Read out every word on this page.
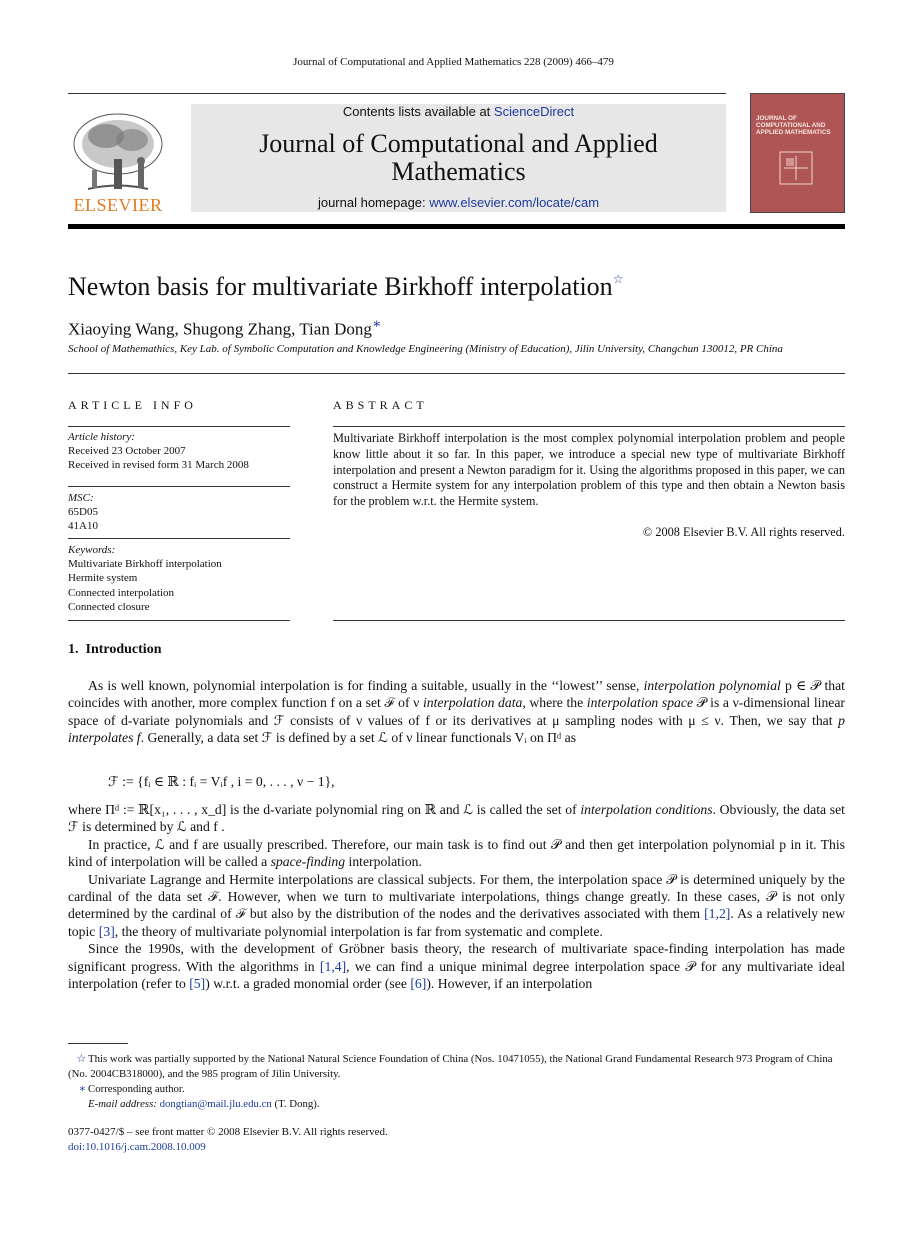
Journal of Computational and Applied Mathematics 228 (2009) 466–479
ELSEVIER
Contents lists available at ScienceDirect
Journal of Computational and Applied Mathematics
journal homepage: www.elsevier.com/locate/cam
JOURNAL OF COMPUTATIONAL AND APPLIED MATHEMATICS
Newton basis for multivariate Birkhoff interpolation☆
Xiaoying Wang, Shugong Zhang, Tian Dong∗
School of Mathemathics, Key Lab. of Symbolic Computation and Knowledge Engineering (Ministry of Education), Jilin University, Changchun 130012, PR China
ARTICLE INFO
Article history:
Received 23 October 2007
Received in revised form 31 March 2008
MSC:
65D05
41A10
Keywords:
Multivariate Birkhoff interpolation
Hermite system
Connected interpolation
Connected closure
ABSTRACT
Multivariate Birkhoff interpolation is the most complex polynomial interpolation problem and people know little about it so far. In this paper, we introduce a special new type of multivariate Birkhoff interpolation and present a Newton paradigm for it. Using the algorithms proposed in this paper, we can construct a Hermite system for any interpolation problem of this type and then obtain a Newton basis for the problem w.r.t. the Hermite system.
© 2008 Elsevier B.V. All rights reserved.
1. Introduction

As is well known, polynomial interpolation is for finding a suitable, usually in the ‘‘lowest’’ sense, interpolation polynomial p ∈ 𝒫 that coincides with another, more complex function f on a set ℱ of ν interpolation data, where the interpolation space 𝒫 is a ν-dimensional linear space of d-variate polynomials and ℱ consists of ν values of f or its derivatives at μ sampling nodes with μ ≤ ν. Then, we say that p interpolates f. Generally, a data set ℱ is defined by a set ℒ of ν linear functionals Vᵢ on Πᵈ as

ℱ := {fᵢ ∈ ℝ : fᵢ = Vᵢf , i = 0, . . . , ν − 1},

where Πᵈ := ℝ[x₁, . . . , x_d] is the d-variate polynomial ring on ℝ and ℒ is called the set of interpolation conditions. Obviously, the data set ℱ is determined by ℒ and f .

In practice, ℒ and f are usually prescribed. Therefore, our main task is to find out 𝒫 and then get interpolation polynomial p in it. This kind of interpolation will be called a space-finding interpolation.

Univariate Lagrange and Hermite interpolations are classical subjects. For them, the interpolation space 𝒫 is determined uniquely by the cardinal of the data set ℱ. However, when we turn to multivariate interpolations, things change greatly. In these cases, 𝒫 is not only determined by the cardinal of ℱ but also by the distribution of the nodes and the derivatives associated with them [1,2]. As a relatively new topic [3], the theory of multivariate polynomial interpolation is far from systematic and complete.

Since the 1990s, with the development of Gröbner basis theory, the research of multivariate space-finding interpolation has made significant progress. With the algorithms in [1,4], we can find a unique minimal degree interpolation space 𝒫 for any multivariate ideal interpolation (refer to [5]) w.r.t. a graded monomial order (see [6]). However, if an interpolation

☆ This work was partially supported by the National Natural Science Foundation of China (Nos. 10471055), the National Grand Fundamental Research 973 Program of China (No. 2004CB318000), and the 985 program of Jilin University.
∗ Corresponding author.
E-mail address: dongtian@mail.jlu.edu.cn (T. Dong).
0377-0427/$ – see front matter © 2008 Elsevier B.V. All rights reserved.
doi:10.1016/j.cam.2008.10.009
